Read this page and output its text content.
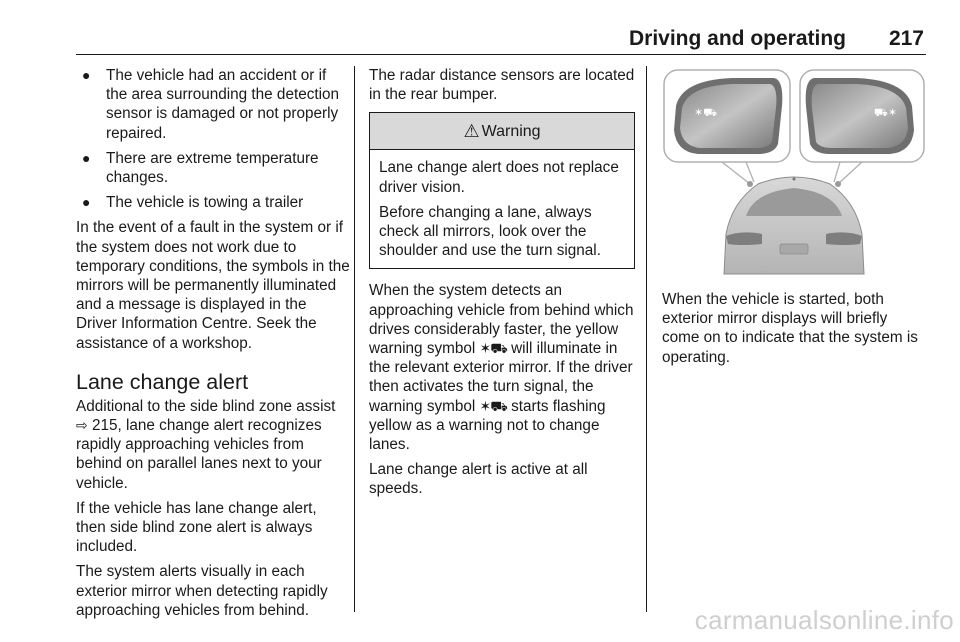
Driving and operating 217
● The vehicle had an accident or if the area surrounding the detection sensor is damaged or not properly repaired.
● There are extreme temperature changes.
● The vehicle is towing a trailer

In the event of a fault in the system or if the system does not work due to temporary conditions, the symbols in the mirrors will be permanently illuminated and a message is displayed in the Driver Information Centre. Seek the assistance of a workshop.

Lane change alert

Additional to the side blind zone assist ⇨ 215, lane change alert recognizes rapidly approaching vehicles from behind on parallel lanes next to your vehicle.

If the vehicle has lane change alert, then side blind zone alert is always included.

The system alerts visually in each exterior mirror when detecting rapidly approaching vehicles from behind.

The radar distance sensors are located in the rear bumper.

⚠ Warning

Lane change alert does not replace driver vision.

Before changing a lane, always check all mirrors, look over the shoulder and use the turn signal.

When the system detects an approaching vehicle from behind which drives considerably faster, the yellow warning symbol ✶⛟ will illuminate in the relevant exterior mirror. If the driver then activates the turn signal, the warning symbol ✶⛟ starts flashing yellow as a warning not to change lanes.

Lane change alert is active at all speeds.

✶⛟	⛟✶

When the vehicle is started, both exterior mirror displays will briefly come on to indicate that the system is operating.

carmanualsonline.info
